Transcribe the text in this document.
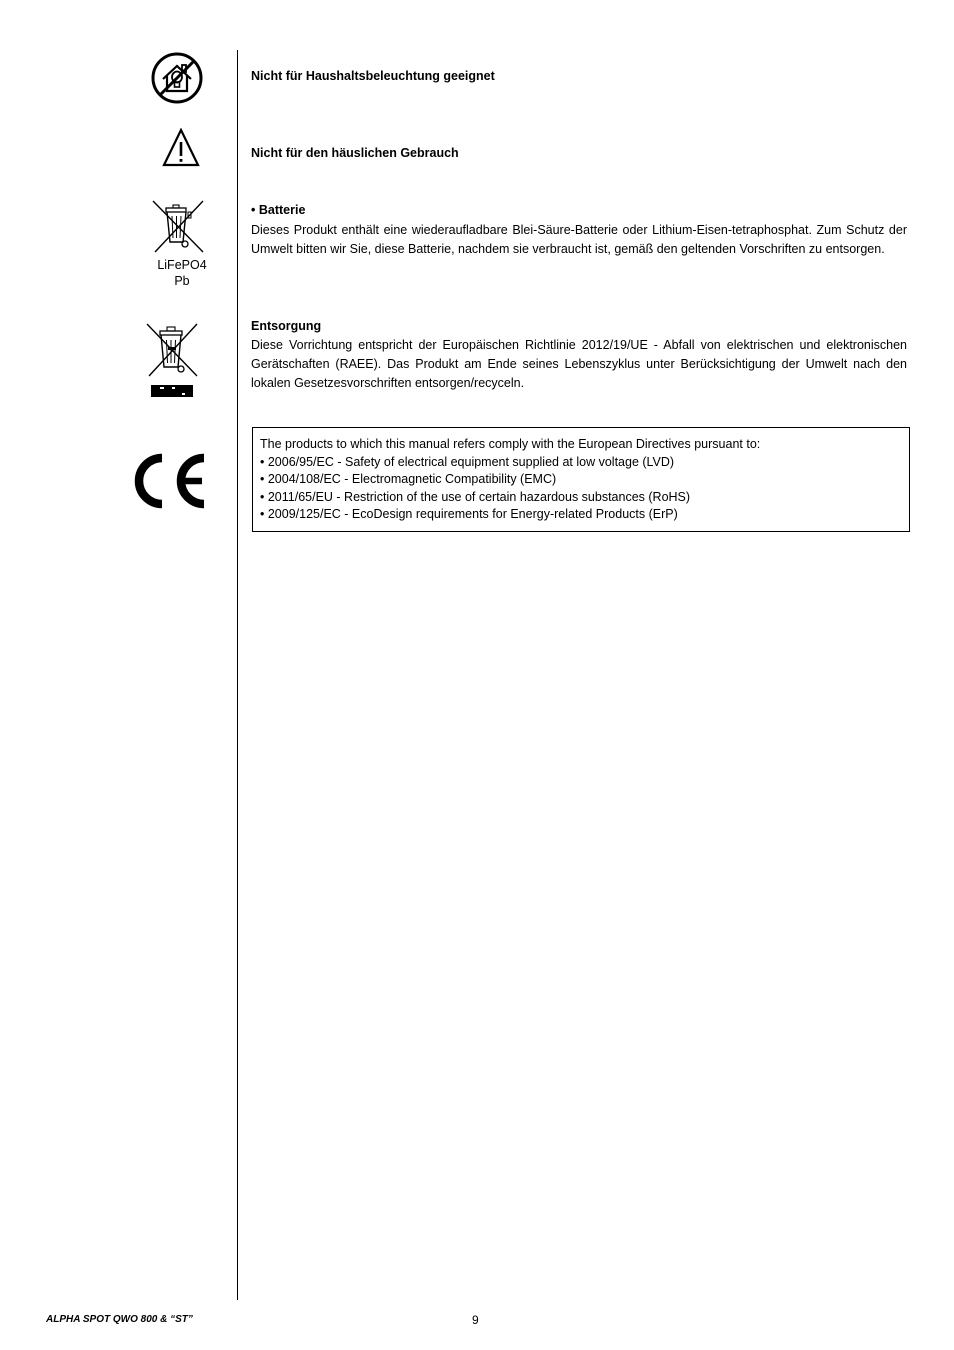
Nicht für Haushaltsbeleuchtung geeignet
Nicht für den häuslichen Gebrauch
LiFePO4
Pb
• Batterie
Dieses Produkt enthält eine wiederaufladbare Blei-Säure-Batterie oder Lithium-Eisen-tetraphosphat. Zum Schutz der Umwelt bitten wir Sie, diese Batterie, nachdem sie verbraucht ist, gemäß den geltenden Vorschriften zu entsorgen.
Entsorgung
Diese Vorrichtung entspricht der Europäischen Richtlinie 2012/19/UE - Abfall von elektrischen und elektronischen Gerätschaften (RAEE). Das Produkt am Ende seines Lebenszyklus unter Berücksichtigung der Umwelt nach den lokalen Gesetzesvorschriften entsorgen/recyceln.
The products to which this manual refers comply with the European Directives pursuant to:
• 2006/95/EC - Safety of electrical equipment supplied at low voltage (LVD)
• 2004/108/EC - Electromagnetic Compatibility (EMC)
• 2011/65/EU - Restriction of the use of certain hazardous substances (RoHS)
• 2009/125/EC - EcoDesign requirements for Energy-related Products (ErP)
ALPHA SPOT QWO 800 & “ST”	9
